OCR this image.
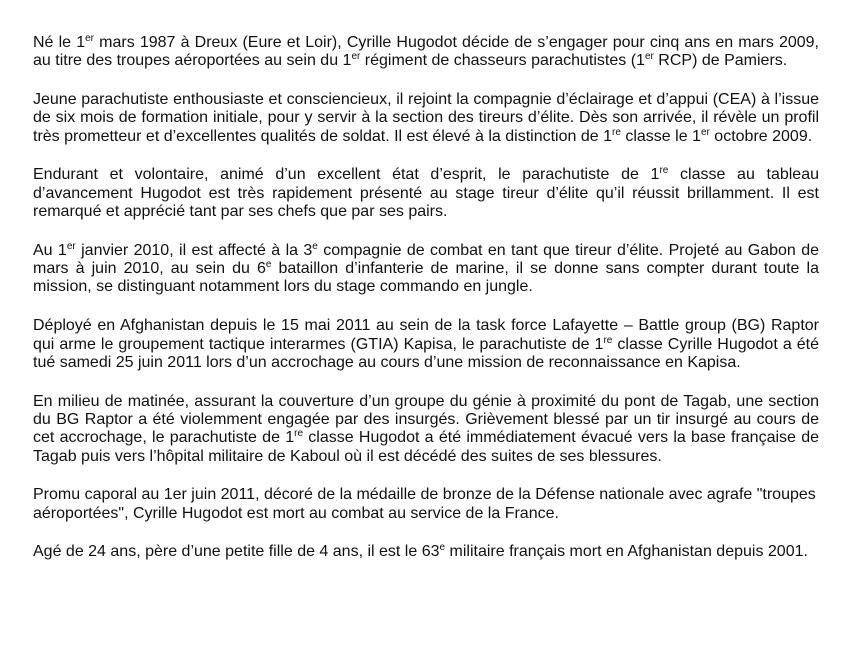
Né le 1er mars 1987 à Dreux (Eure et Loir), Cyrille Hugodot décide de s’engager pour cinq ans en mars 2009, au titre des troupes aéroportées au sein du 1er régiment de chasseurs parachutistes (1er RCP) de Pamiers.

Jeune parachutiste enthousiaste et consciencieux, il rejoint la compagnie d’éclairage et d’appui (CEA) à l’issue de six mois de formation initiale, pour y servir à la section des tireurs d’élite. Dès son arrivée, il révèle un profil très prometteur et d’excellentes qualités de soldat. Il est élevé à la distinction de 1re classe le 1er octobre 2009.

Endurant et volontaire, animé d’un excellent état d’esprit, le parachutiste de 1re classe au tableau d’avancement Hugodot est très rapidement présenté au stage tireur d’élite qu’il réussit brillamment. Il est remarqué et apprécié tant par ses chefs que par ses pairs.

Au 1er janvier 2010, il est affecté à la 3e compagnie de combat en tant que tireur d’élite. Projeté au Gabon de mars à juin 2010, au sein du 6e bataillon d’infanterie de marine, il se donne sans compter durant toute la mission, se distinguant notamment lors du stage commando en jungle.

Déployé en Afghanistan depuis le 15 mai 2011 au sein de la task force Lafayette – Battle group (BG) Raptor qui arme le groupement tactique interarmes (GTIA) Kapisa, le parachutiste de 1re classe Cyrille Hugodot a été tué samedi 25 juin 2011 lors d’un accrochage au cours d’une mission de reconnaissance en Kapisa.

En milieu de matinée, assurant la couverture d’un groupe du génie à proximité du pont de Tagab, une section du BG Raptor a été violemment engagée par des insurgés. Grièvement blessé par un tir insurgé au cours de cet accrochage, le parachutiste de 1re classe Hugodot a été immédiatement évacué vers la base française de Tagab puis vers l’hôpital militaire de Kaboul où il est décédé des suites de ses blessures.

Promu caporal au 1er juin 2011, décoré de la médaille de bronze de la Défense nationale avec agrafe "troupes aéroportées", Cyrille Hugodot est mort au combat au service de la France.

Agé de 24 ans, père d’une petite fille de 4 ans, il est le 63e militaire français mort en Afghanistan depuis 2001.
